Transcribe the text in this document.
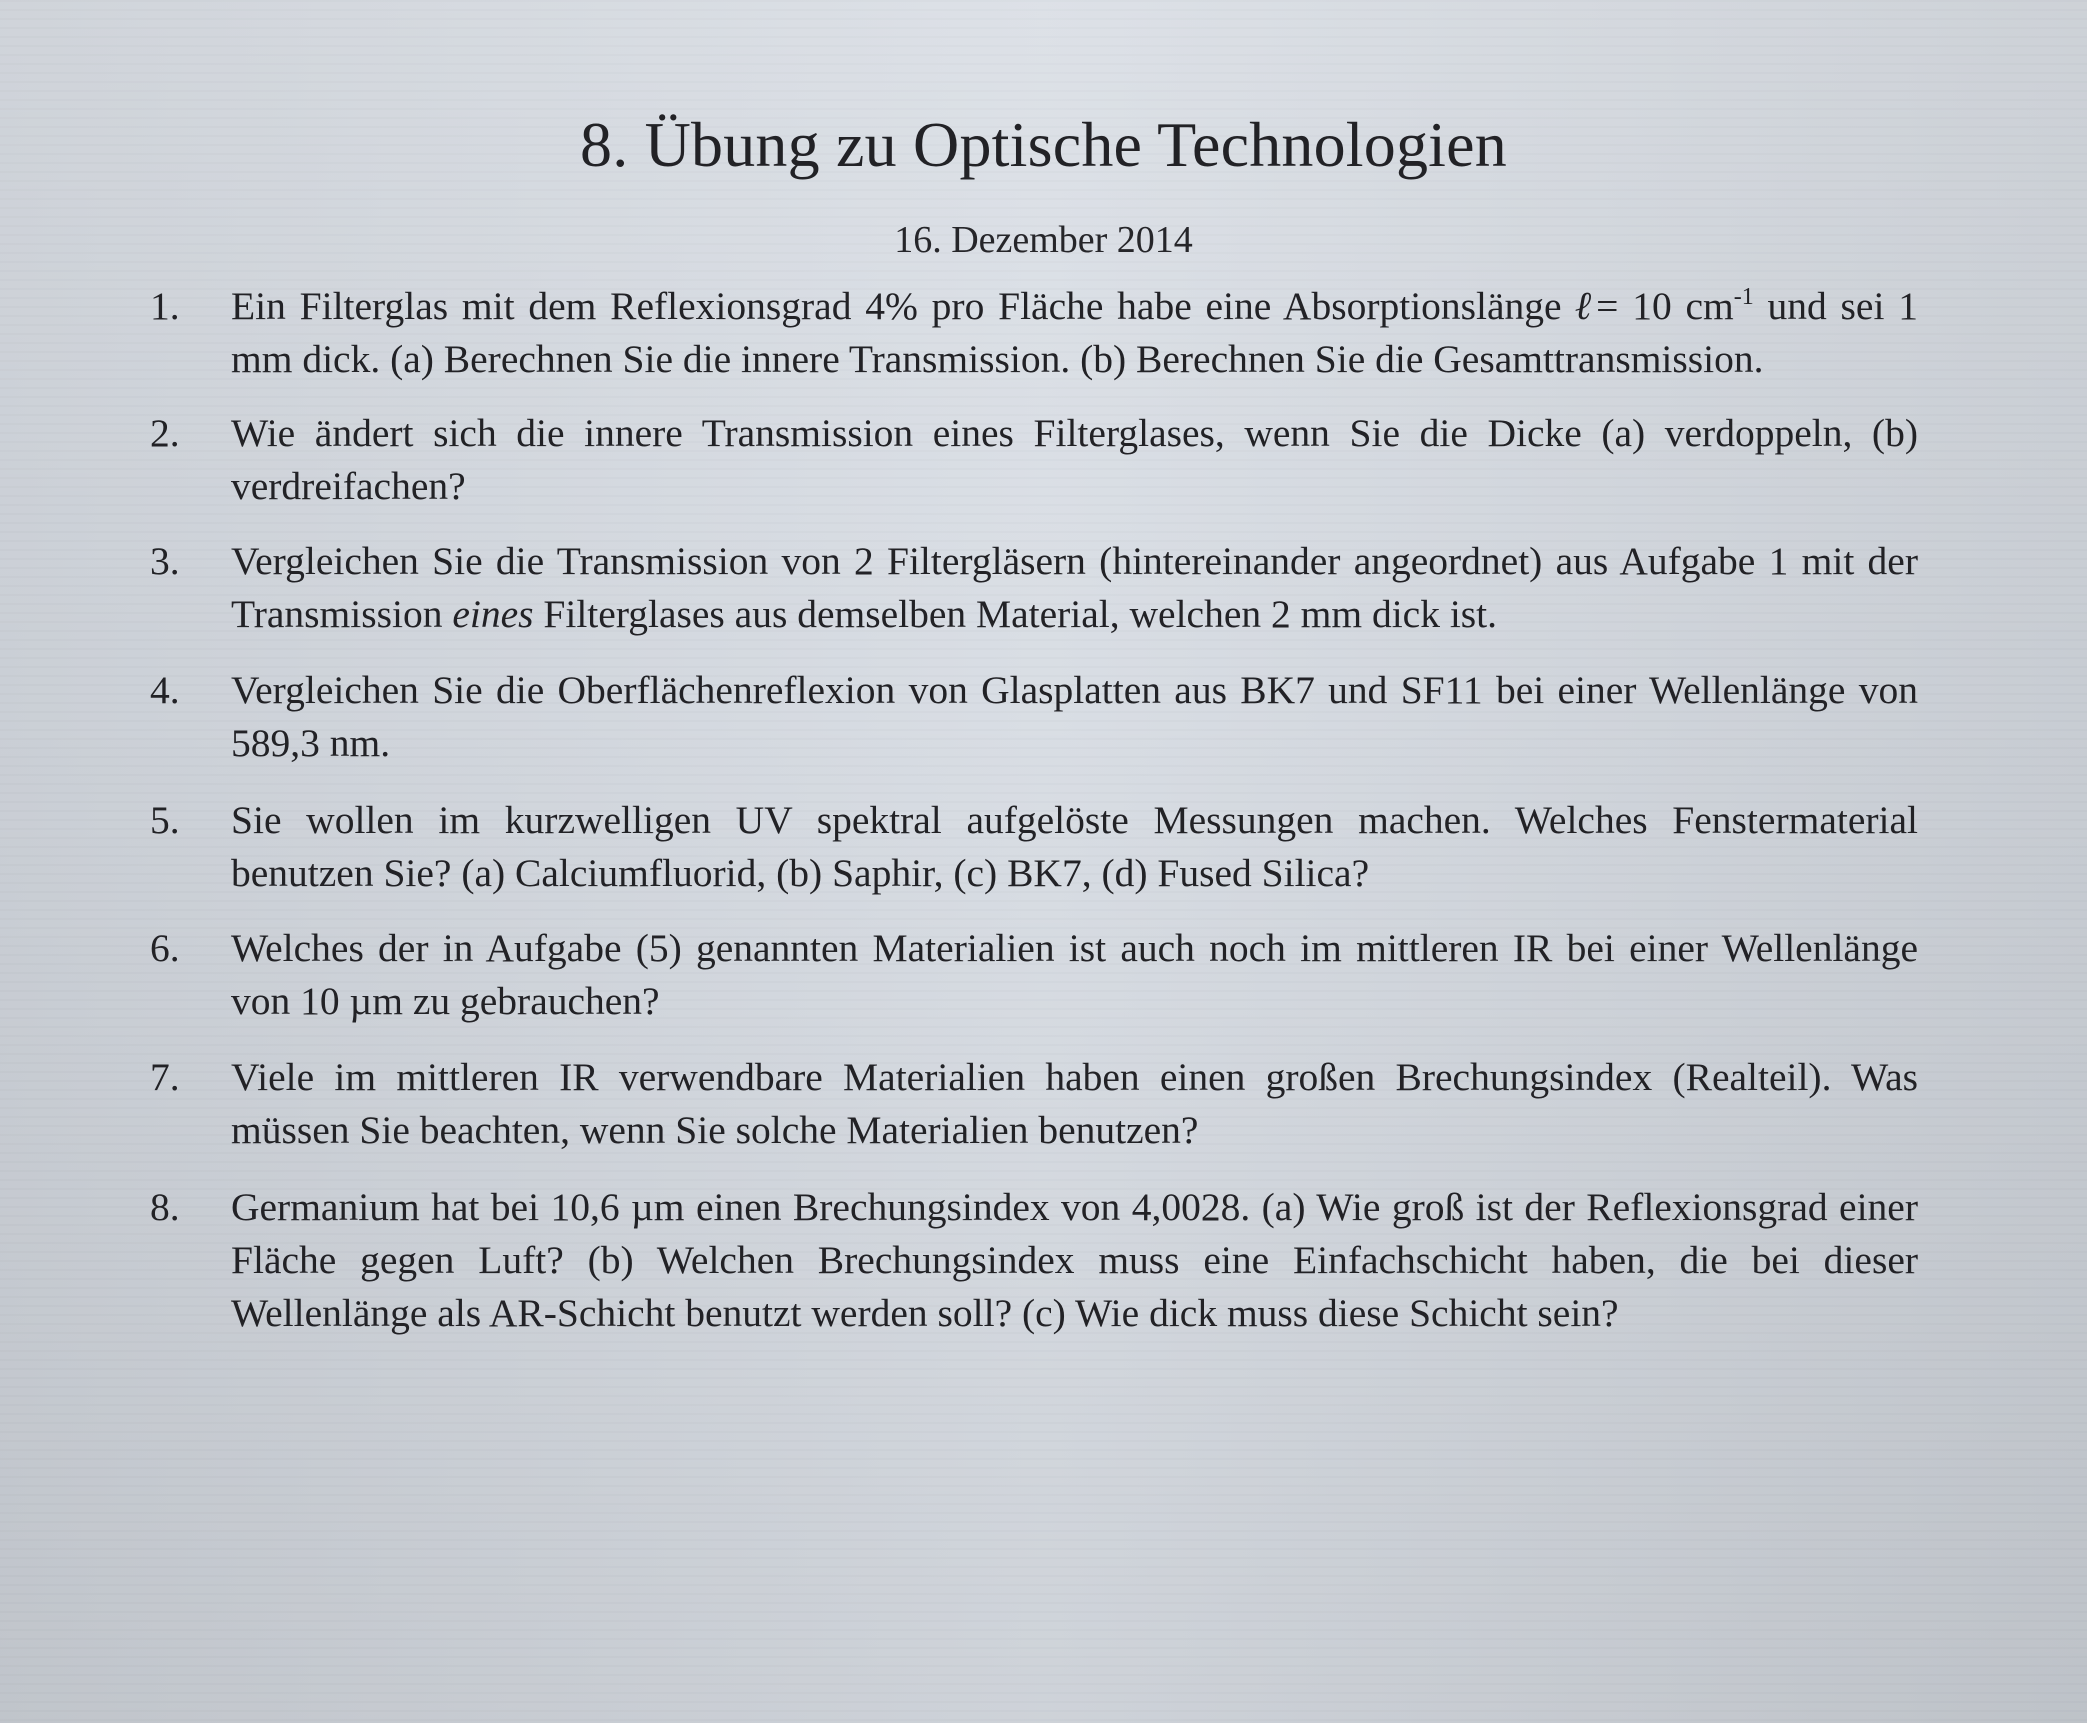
8. Übung zu Optische Technologien
16. Dezember 2014
1. Ein Filterglas mit dem Reflexionsgrad 4% pro Fläche habe eine Absorptionslänge ℓ= 10 $cm^{-1}$ und sei 1 mm dick. (a) Berechnen Sie die innere Transmission. (b) Berechnen Sie die Gesamttransmission.
2. Wie ändert sich die innere Transmission eines Filterglases, wenn Sie die Dicke (a) verdoppeln, (b) verdreifachen?
3. Vergleichen Sie die Transmission von 2 Filtergläsern (hintereinander angeordnet) aus Aufgabe 1 mit der Transmission eines Filterglases aus demselben Material, welchen 2 mm dick ist.
4. Vergleichen Sie die Oberflächenreflexion von Glasplatten aus BK7 und SF11 bei einer Wellenlänge von 589,3 nm.
5. Sie wollen im kurzwelligen UV spektral aufgelöste Messungen machen. Welches Fenstermaterial benutzen Sie? (a) Calciumfluorid, (b) Saphir, (c) BK7, (d) Fused Silica?
6. Welches der in Aufgabe (5) genannten Materialien ist auch noch im mittleren IR bei einer Wellenlänge von 10 µm zu gebrauchen?
7. Viele im mittleren IR verwendbare Materialien haben einen großen Brechungsindex (Realteil). Was müssen Sie beachten, wenn Sie solche Materialien benutzen?
8. Germanium hat bei 10,6 µm einen Brechungsindex von 4,0028. (a) Wie groß ist der Reflexionsgrad einer Fläche gegen Luft? (b) Welchen Brechungsindex muss eine Einfachschicht haben, die bei dieser Wellenlänge als AR-Schicht benutzt werden soll? (c) Wie dick muss diese Schicht sein?
